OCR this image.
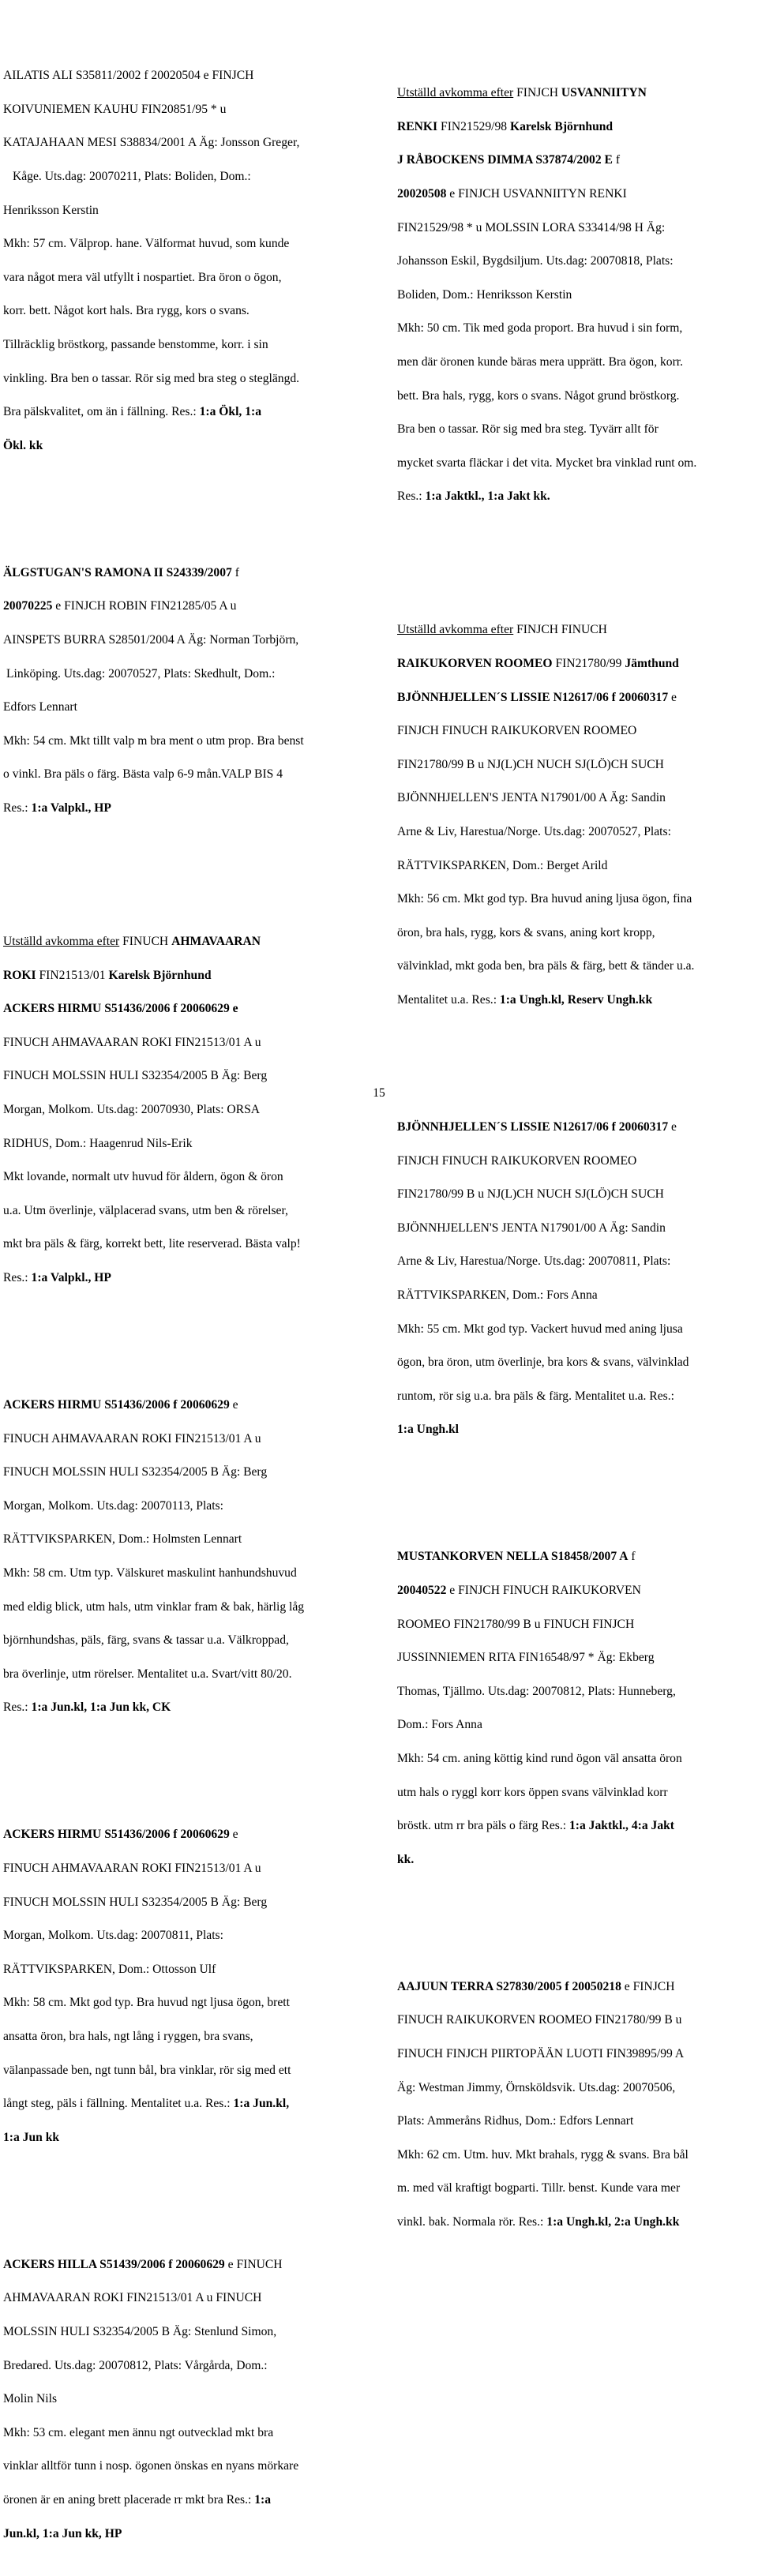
AILATIS ALI S35811/2002 f 20020504 e FINJCH

KOIVUNIEMEN KAUHU FIN20851/95 * u

KATAJAHAAN MESI S38834/2001 A Äg: Jonsson Greger,

Kåge. Uts.dag: 20070211, Plats: Boliden, Dom.:

Henriksson Kerstin

Mkh: 57 cm. Välprop. hane. Välformat huvud, som kunde

vara något mera väl utfyllt i nospartiet. Bra öron o ögon,

korr. bett. Något kort hals. Bra rygg, kors o svans.

Tillräcklig bröstkorg, passande benstomme, korr. i sin

vinkling. Bra ben o tassar. Rör sig med bra steg o steglängd.

Bra pälskvalitet, om än i fällning. Res.: 1:a Ökl, 1:a

Ökl. kk

ÄLGSTUGAN'S RAMONA II S24339/2007 f

20070225 e FINJCH ROBIN FIN21285/05 A u

AINSPETS BURRA S28501/2004 A Äg: Norman Torbjörn,

Linköping. Uts.dag: 20070527, Plats: Skedhult, Dom.:

Edfors Lennart

Mkh: 54 cm. Mkt tillt valp m bra ment o utm prop. Bra benst

o vinkl. Bra päls o färg. Bästa valp 6-9 mån.VALP BIS 4

Res.: 1:a Valpkl., HP

Utställd avkomma efter FINUCH AHMAVAARAN

ROKI FIN21513/01 Karelsk Björnhund

ACKERS HIRMU S51436/2006 f 20060629 e

FINUCH AHMAVAARAN ROKI FIN21513/01 A u

FINUCH MOLSSIN HULI S32354/2005 B Äg: Berg

Morgan, Molkom. Uts.dag: 20070930, Plats: ORSA

RIDHUS, Dom.: Haagenrud Nils-Erik

Mkt lovande, normalt utv huvud för åldern, ögon & öron

u.a. Utm överlinje, välplacerad svans, utm ben & rörelser,

mkt bra päls & färg, korrekt bett, lite reserverad. Bästa valp!

Res.: 1:a Valpkl., HP

ACKERS HIRMU S51436/2006 f 20060629 e

FINUCH AHMAVAARAN ROKI FIN21513/01 A u

FINUCH MOLSSIN HULI S32354/2005 B Äg: Berg

Morgan, Molkom. Uts.dag: 20070113, Plats:

RÄTTVIKSPARKEN, Dom.: Holmsten Lennart

Mkh: 58 cm. Utm typ. Välskuret maskulint hanhundshuvud

med eldig blick, utm hals, utm vinklar fram & bak, härlig låg

björnhundshas, päls, färg, svans & tassar u.a. Välkroppad,

bra överlinje, utm rörelser. Mentalitet u.a. Svart/vitt 80/20.

Res.: 1:a Jun.kl, 1:a Jun kk, CK

ACKERS HIRMU S51436/2006 f 20060629 e

FINUCH AHMAVAARAN ROKI FIN21513/01 A u

FINUCH MOLSSIN HULI S32354/2005 B Äg: Berg

Morgan, Molkom. Uts.dag: 20070811, Plats:

RÄTTVIKSPARKEN, Dom.: Ottosson Ulf

Mkh: 58 cm. Mkt god typ. Bra huvud ngt ljusa ögon, brett

ansatta öron, bra hals, ngt lång i ryggen, bra svans,

välanpassade ben, ngt tunn bål, bra vinklar, rör sig med ett

långt steg, päls i fällning. Mentalitet u.a. Res.: 1:a Jun.kl,

1:a Jun kk

ACKERS HILLA S51439/2006 f 20060629 e FINUCH

AHMAVAARAN ROKI FIN21513/01 A u FINUCH

MOLSSIN HULI S32354/2005 B Äg: Stenlund Simon,

Bredared. Uts.dag: 20070812, Plats: Vårgårda, Dom.:

Molin Nils

Mkh: 53 cm. elegant men ännu ngt outvecklad mkt bra

vinklar alltför tunn i nosp. ögonen önskas en nyans mörkare

öronen är en aning brett placerade rr mkt bra Res.: 1:a

Jun.kl, 1:a Jun kk, HP

Utställd avkomma efter FINJCH USVANNIITYN

RENKI FIN21529/98 Karelsk Björnhund

J RÅBOCKENS DIMMA S37874/2002 E f

20020508 e FINJCH USVANNIITYN RENKI

FIN21529/98 * u MOLSSIN LORA S33414/98 H Äg:

Johansson Eskil, Bygdsiljum. Uts.dag: 20070818, Plats:

Boliden, Dom.: Henriksson Kerstin

Mkh: 50 cm. Tik med goda proport. Bra huvud i sin form,

men där öronen kunde bäras mera upprätt. Bra ögon, korr.

bett. Bra hals, rygg, kors o svans. Något grund bröstkorg.

Bra ben o tassar. Rör sig med bra steg. Tyvärr allt för

mycket svarta fläckar i det vita. Mycket bra vinklad runt om.

Res.: 1:a Jaktkl., 1:a Jakt kk.

Utställd avkomma efter FINJCH FINUCH

RAIKUKORVEN ROOMEO FIN21780/99 Jämthund

BJÖNNHJELLEN´S LISSIE N12617/06 f 20060317 e

FINJCH FINUCH RAIKUKORVEN ROOMEO

FIN21780/99 B u NJ(L)CH NUCH SJ(LÖ)CH SUCH

BJÖNNHJELLEN'S JENTA N17901/00 A Äg: Sandin

Arne & Liv, Harestua/Norge. Uts.dag: 20070527, Plats:

RÄTTVIKSPARKEN, Dom.: Berget Arild

Mkh: 56 cm. Mkt god typ. Bra huvud aning ljusa ögon, fina

öron, bra hals, rygg, kors & svans, aning kort kropp,

välvinklad, mkt goda ben, bra päls & färg, bett & tänder u.a.

Mentalitet u.a. Res.: 1:a Ungh.kl, Reserv Ungh.kk

BJÖNNHJELLEN´S LISSIE N12617/06 f 20060317 e

FINJCH FINUCH RAIKUKORVEN ROOMEO

FIN21780/99 B u NJ(L)CH NUCH SJ(LÖ)CH SUCH

BJÖNNHJELLEN'S JENTA N17901/00 A Äg: Sandin

Arne & Liv, Harestua/Norge. Uts.dag: 20070811, Plats:

RÄTTVIKSPARKEN, Dom.: Fors Anna

Mkh: 55 cm. Mkt god typ. Vackert huvud med aning ljusa

ögon, bra öron, utm överlinje, bra kors & svans, välvinklad

runtom, rör sig u.a. bra päls & färg. Mentalitet u.a. Res.:

1:a Ungh.kl

MUSTANKORVEN NELLA S18458/2007 A f

20040522 e FINJCH FINUCH RAIKUKORVEN

ROOMEO FIN21780/99 B u FINUCH FINJCH

JUSSINNIEMEN RITA FIN16548/97 * Äg: Ekberg

Thomas, Tjällmo. Uts.dag: 20070812, Plats: Hunneberg,

Dom.: Fors Anna

Mkh: 54 cm. aning köttig kind rund ögon väl ansatta öron

utm hals o ryggl korr kors öppen svans välvinklad korr

bröstk. utm rr bra päls o färg Res.: 1:a Jaktkl., 4:a Jakt

kk.

AAJUUN TERRA S27830/2005 f 20050218 e FINJCH

FINUCH RAIKUKORVEN ROOMEO FIN21780/99 B u

FINUCH FINJCH PIIRTOPÄÄN LUOTI FIN39895/99 A

Äg: Westman Jimmy, Örnsköldsvik. Uts.dag: 20070506,

Plats: Ammeråns Ridhus, Dom.: Edfors Lennart

Mkh: 62 cm. Utm. huv. Mkt brahals, rygg & svans. Bra bål

m. med väl kraftigt bogparti. Tillr. benst. Kunde vara mer

vinkl. bak. Normala rör. Res.: 1:a Ungh.kl, 2:a Ungh.kk

15
